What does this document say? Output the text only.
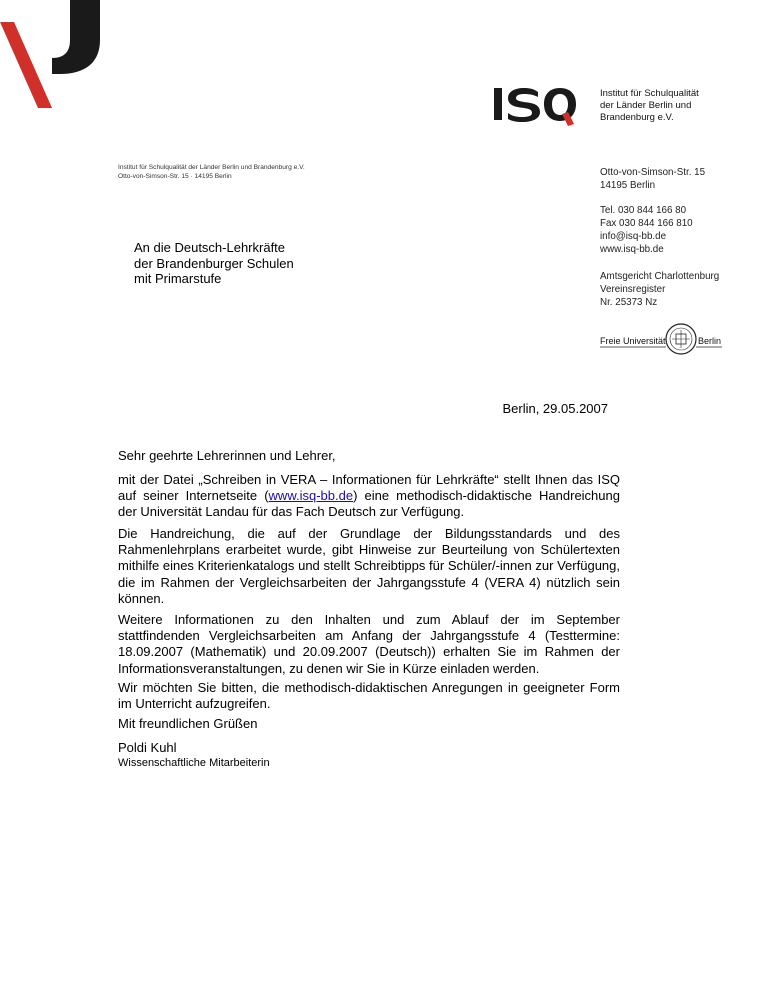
Institut für Schulqualität
der Länder Berlin und
Brandenburg e.V.
Institut für Schulqualität der Länder Berlin und Brandenburg e.V.
Otto-von-Simson-Str. 15 · 14195 Berlin
An die Deutsch-Lehrkräfte
der Brandenburger Schulen
mit Primarstufe
Otto-von-Simson-Str. 15
14195 Berlin
Tel. 030 844 166 80
Fax 030 844 166 810
info@isq-bb.de
www.isq-bb.de
Amtsgericht Charlottenburg
Vereinsregister
Nr. 25373 Nz
Freie Universität	Berlin
Berlin, 29.05.2007

Sehr geehrte Lehrerinnen und Lehrer,

mit der Datei „Schreiben in VERA – Informationen für Lehrkräfte“ stellt Ihnen das ISQ auf seiner Internetseite (www.isq-bb.de) eine methodisch-didaktische Handreichung der Universität Landau für das Fach Deutsch zur Verfügung.

Die Handreichung, die auf der Grundlage der Bildungsstandards und des Rahmenlehrplans erarbeitet wurde, gibt Hinweise zur Beurteilung von Schülertexten mithilfe eines Kriterienkatalogs und stellt Schreibtipps für Schüler/-innen zur Verfügung, die im Rahmen der Vergleichsarbeiten der Jahrgangsstufe 4 (VERA 4) nützlich sein können.

Weitere Informationen zu den Inhalten und zum Ablauf der im September stattfindenden Vergleichsarbeiten am Anfang der Jahrgangsstufe 4 (Testtermine: 18.09.2007 (Mathematik) und 20.09.2007 (Deutsch)) erhalten Sie im Rahmen der Informationsveranstaltungen, zu denen wir Sie in Kürze einladen werden.

Wir möchten Sie bitten, die methodisch-didaktischen Anregungen in geeigneter Form im Unterricht aufzugreifen.

Mit freundlichen Grüßen

Poldi Kuhl

Wissenschaftliche Mitarbeiterin
